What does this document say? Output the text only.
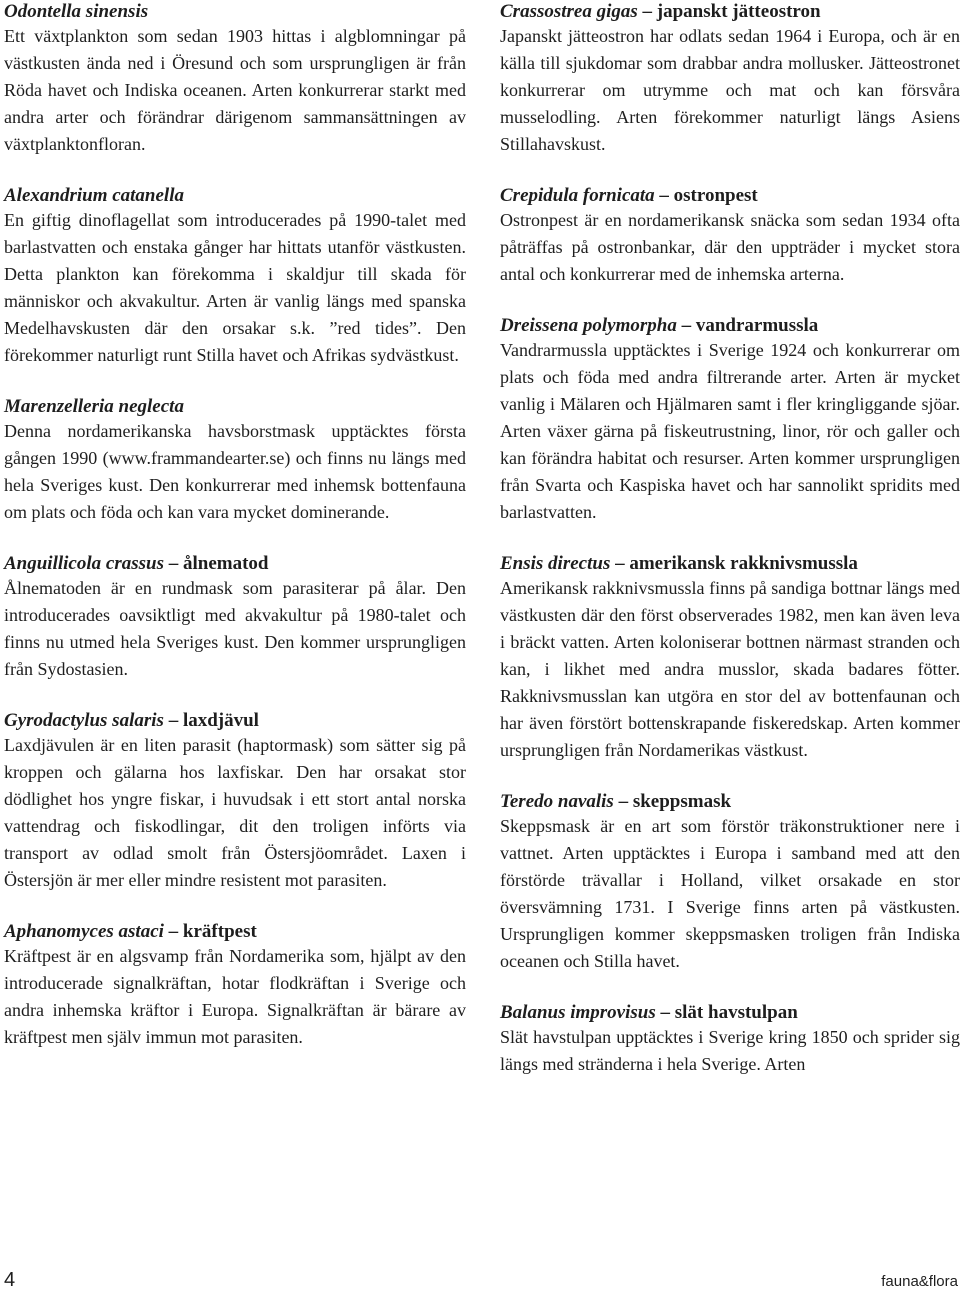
Odontella sinensis

Ett växtplankton som sedan 1903 hittas i algblomningar på västkusten ända ned i Öresund och som ursprungligen är från Röda havet och Indiska oceanen. Arten konkurrerar starkt med andra arter och förändrar därigenom sammansättningen av växtplanktonfloran.

Alexandrium catanella

En giftig dinoflagellat som introducerades på 1990-talet med barlastvatten och enstaka gånger har hittats utanför västkusten. Detta plankton kan förekomma i skaldjur till skada för människor och akvakultur. Arten är vanlig längs med spanska Medelhavskusten där den orsakar s.k. ”red tides”. Den förekommer naturligt runt Stilla havet och Afrikas sydvästkust.

Marenzelleria neglecta

Denna nordamerikanska havsborstmask upptäcktes första gången 1990 (www.frammandearter.se) och finns nu längs med hela Sveriges kust. Den konkurrerar med inhemsk bottenfauna om plats och föda och kan vara mycket dominerande.

Anguillicola crassus – ålnematod

Ålnematoden är en rundmask som parasiterar på ålar. Den introducerades oavsiktligt med akvakultur på 1980-talet och finns nu utmed hela Sveriges kust. Den kommer ursprungligen från Sydostasien.

Gyrodactylus salaris – laxdjävul

Laxdjävulen är en liten parasit (haptormask) som sätter sig på kroppen och gälarna hos laxfiskar. Den har orsakat stor dödlighet hos yngre fiskar, i huvudsak i ett stort antal norska vattendrag och fiskodlingar, dit den troligen införts via transport av odlad smolt från Östersjöområdet. Laxen i Östersjön är mer eller mindre resistent mot parasiten.

Aphanomyces astaci – kräftpest

Kräftpest är en algsvamp från Nordamerika som, hjälpt av den introducerade signalkräftan, hotar flodkräftan i Sverige och andra inhemska kräftor i Europa. Signalkräftan är bärare av kräftpest men själv immun mot parasiten.

Crassostrea gigas – japanskt jätteostron

Japanskt jätteostron har odlats sedan 1964 i Europa, och är en källa till sjukdomar som drabbar andra mollusker. Jätteostronet konkurrerar om utrymme och mat och kan försvåra musselodling. Arten förekommer naturligt längs Asiens Stillahavskust.

Crepidula fornicata – ostronpest

Ostronpest är en nordamerikansk snäcka som sedan 1934 ofta påträffas på ostronbankar, där den uppträder i mycket stora antal och konkurrerar med de inhemska arterna.

Dreissena polymorpha – vandrarmussla

Vandrarmussla upptäcktes i Sverige 1924 och konkurrerar om plats och föda med andra filtrerande arter. Arten är mycket vanlig i Mälaren och Hjälmaren samt i fler kringliggande sjöar. Arten växer gärna på fiskeutrustning, linor, rör och galler och kan förändra habitat och resurser. Arten kommer ursprungligen från Svarta och Kaspiska havet och har sannolikt spridits med barlastvatten.

Ensis directus – amerikansk rakknivsmussla

Amerikansk rakknivsmussla finns på sandiga bottnar längs med västkusten där den först observerades 1982, men kan även leva i bräckt vatten. Arten koloniserar bottnen närmast stranden och kan, i likhet med andra musslor, skada badares fötter. Rakknivsmusslan kan utgöra en stor del av bottenfaunan och har även förstört bottenskrapande fiskeredskap. Arten kommer ursprungligen från Nordamerikas västkust.

Teredo navalis – skeppsmask

Skeppsmask är en art som förstör träkonstruktioner nere i vattnet. Arten upptäcktes i Europa i samband med att den förstörde trävallar i Holland, vilket orsakade en stor översvämning 1731. I Sverige finns arten på västkusten. Ursprungligen kommer skeppsmasken troligen från Indiska oceanen och Stilla havet.

Balanus improvisus – slät havstulpan

Slät havstulpan upptäcktes i Sverige kring 1850 och sprider sig längs med stränderna i hela Sverige. Arten

4	fauna&flora
